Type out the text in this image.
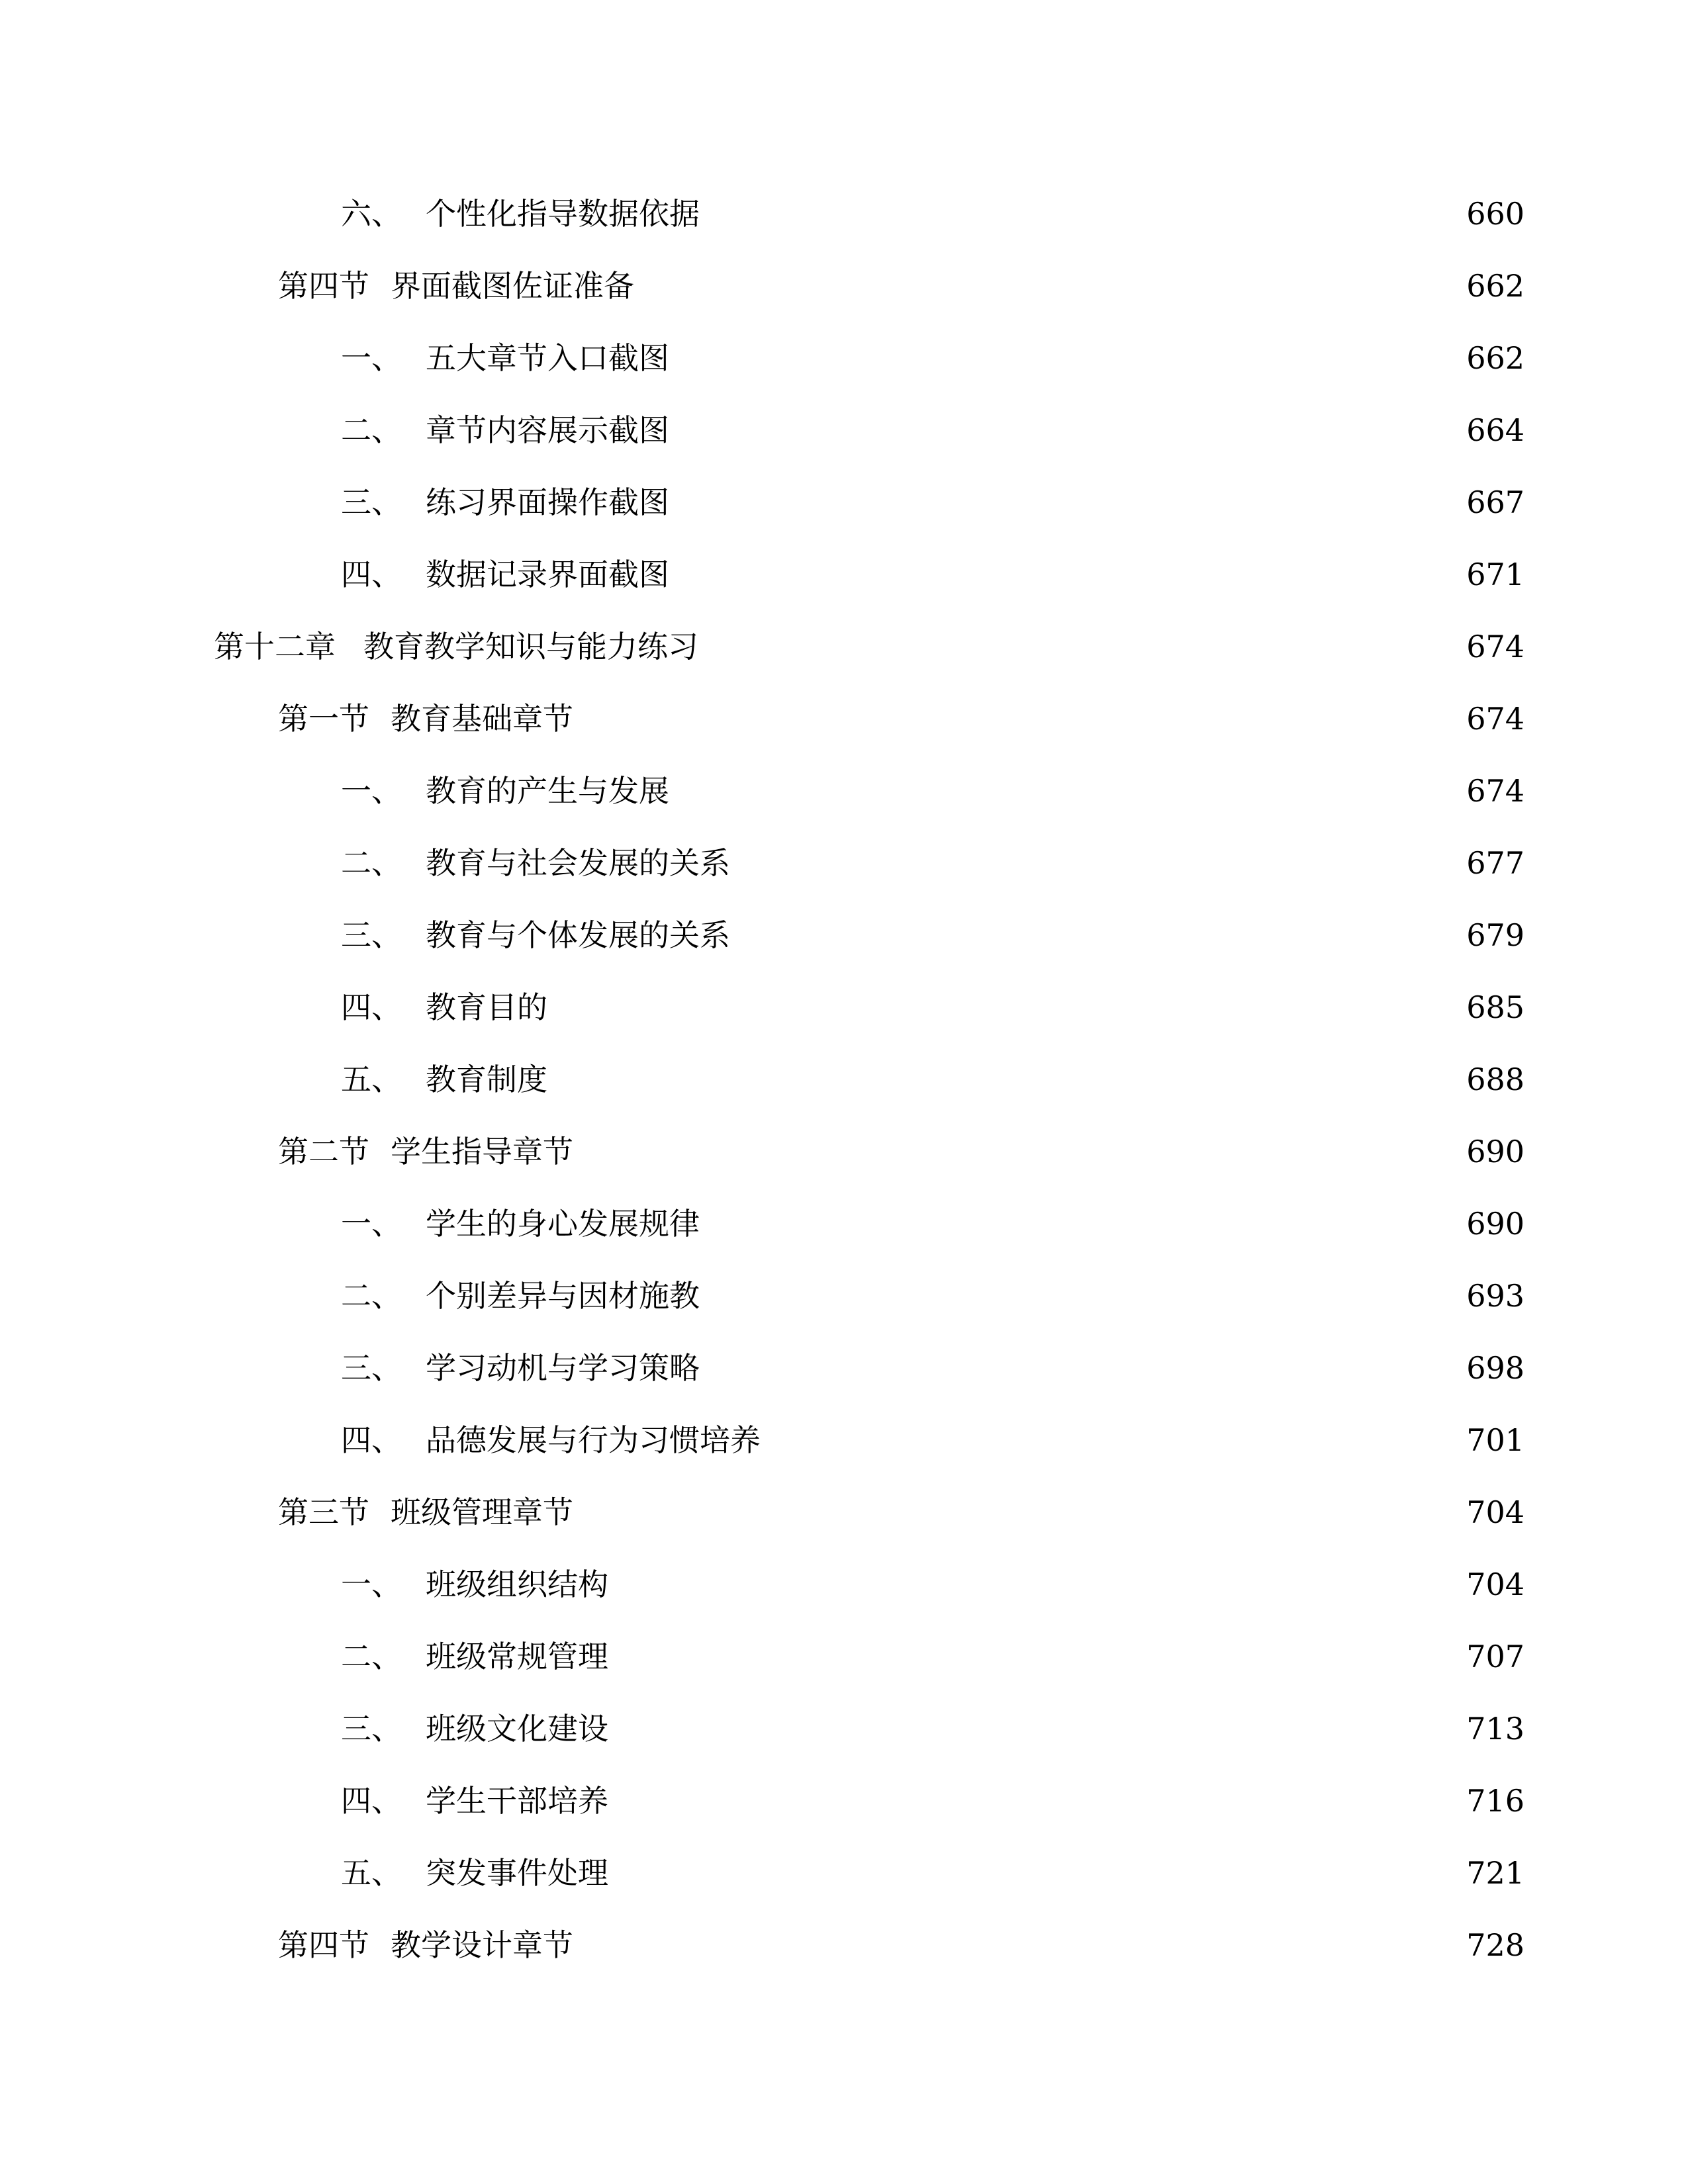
六、 个性化指导数据依据	660
第四节 界面截图佐证准备	662
一、 五大章节入口截图	662
二、 章节内容展示截图	664
三、 练习界面操作截图	667
四、 数据记录界面截图	671
第十二章 教育教学知识与能力练习	674
第一节 教育基础章节	674
一、 教育的产生与发展	674
二、 教育与社会发展的关系	677
三、 教育与个体发展的关系	679
四、 教育目的	685
五、 教育制度	688
第二节 学生指导章节	690
一、 学生的身心发展规律	690
二、 个别差异与因材施教	693
三、 学习动机与学习策略	698
四、 品德发展与行为习惯培养	701
第三节 班级管理章节	704
一、 班级组织结构	704
二、 班级常规管理	707
三、 班级文化建设	713
四、 学生干部培养	716
五、 突发事件处理	721
第四节 教学设计章节	728
